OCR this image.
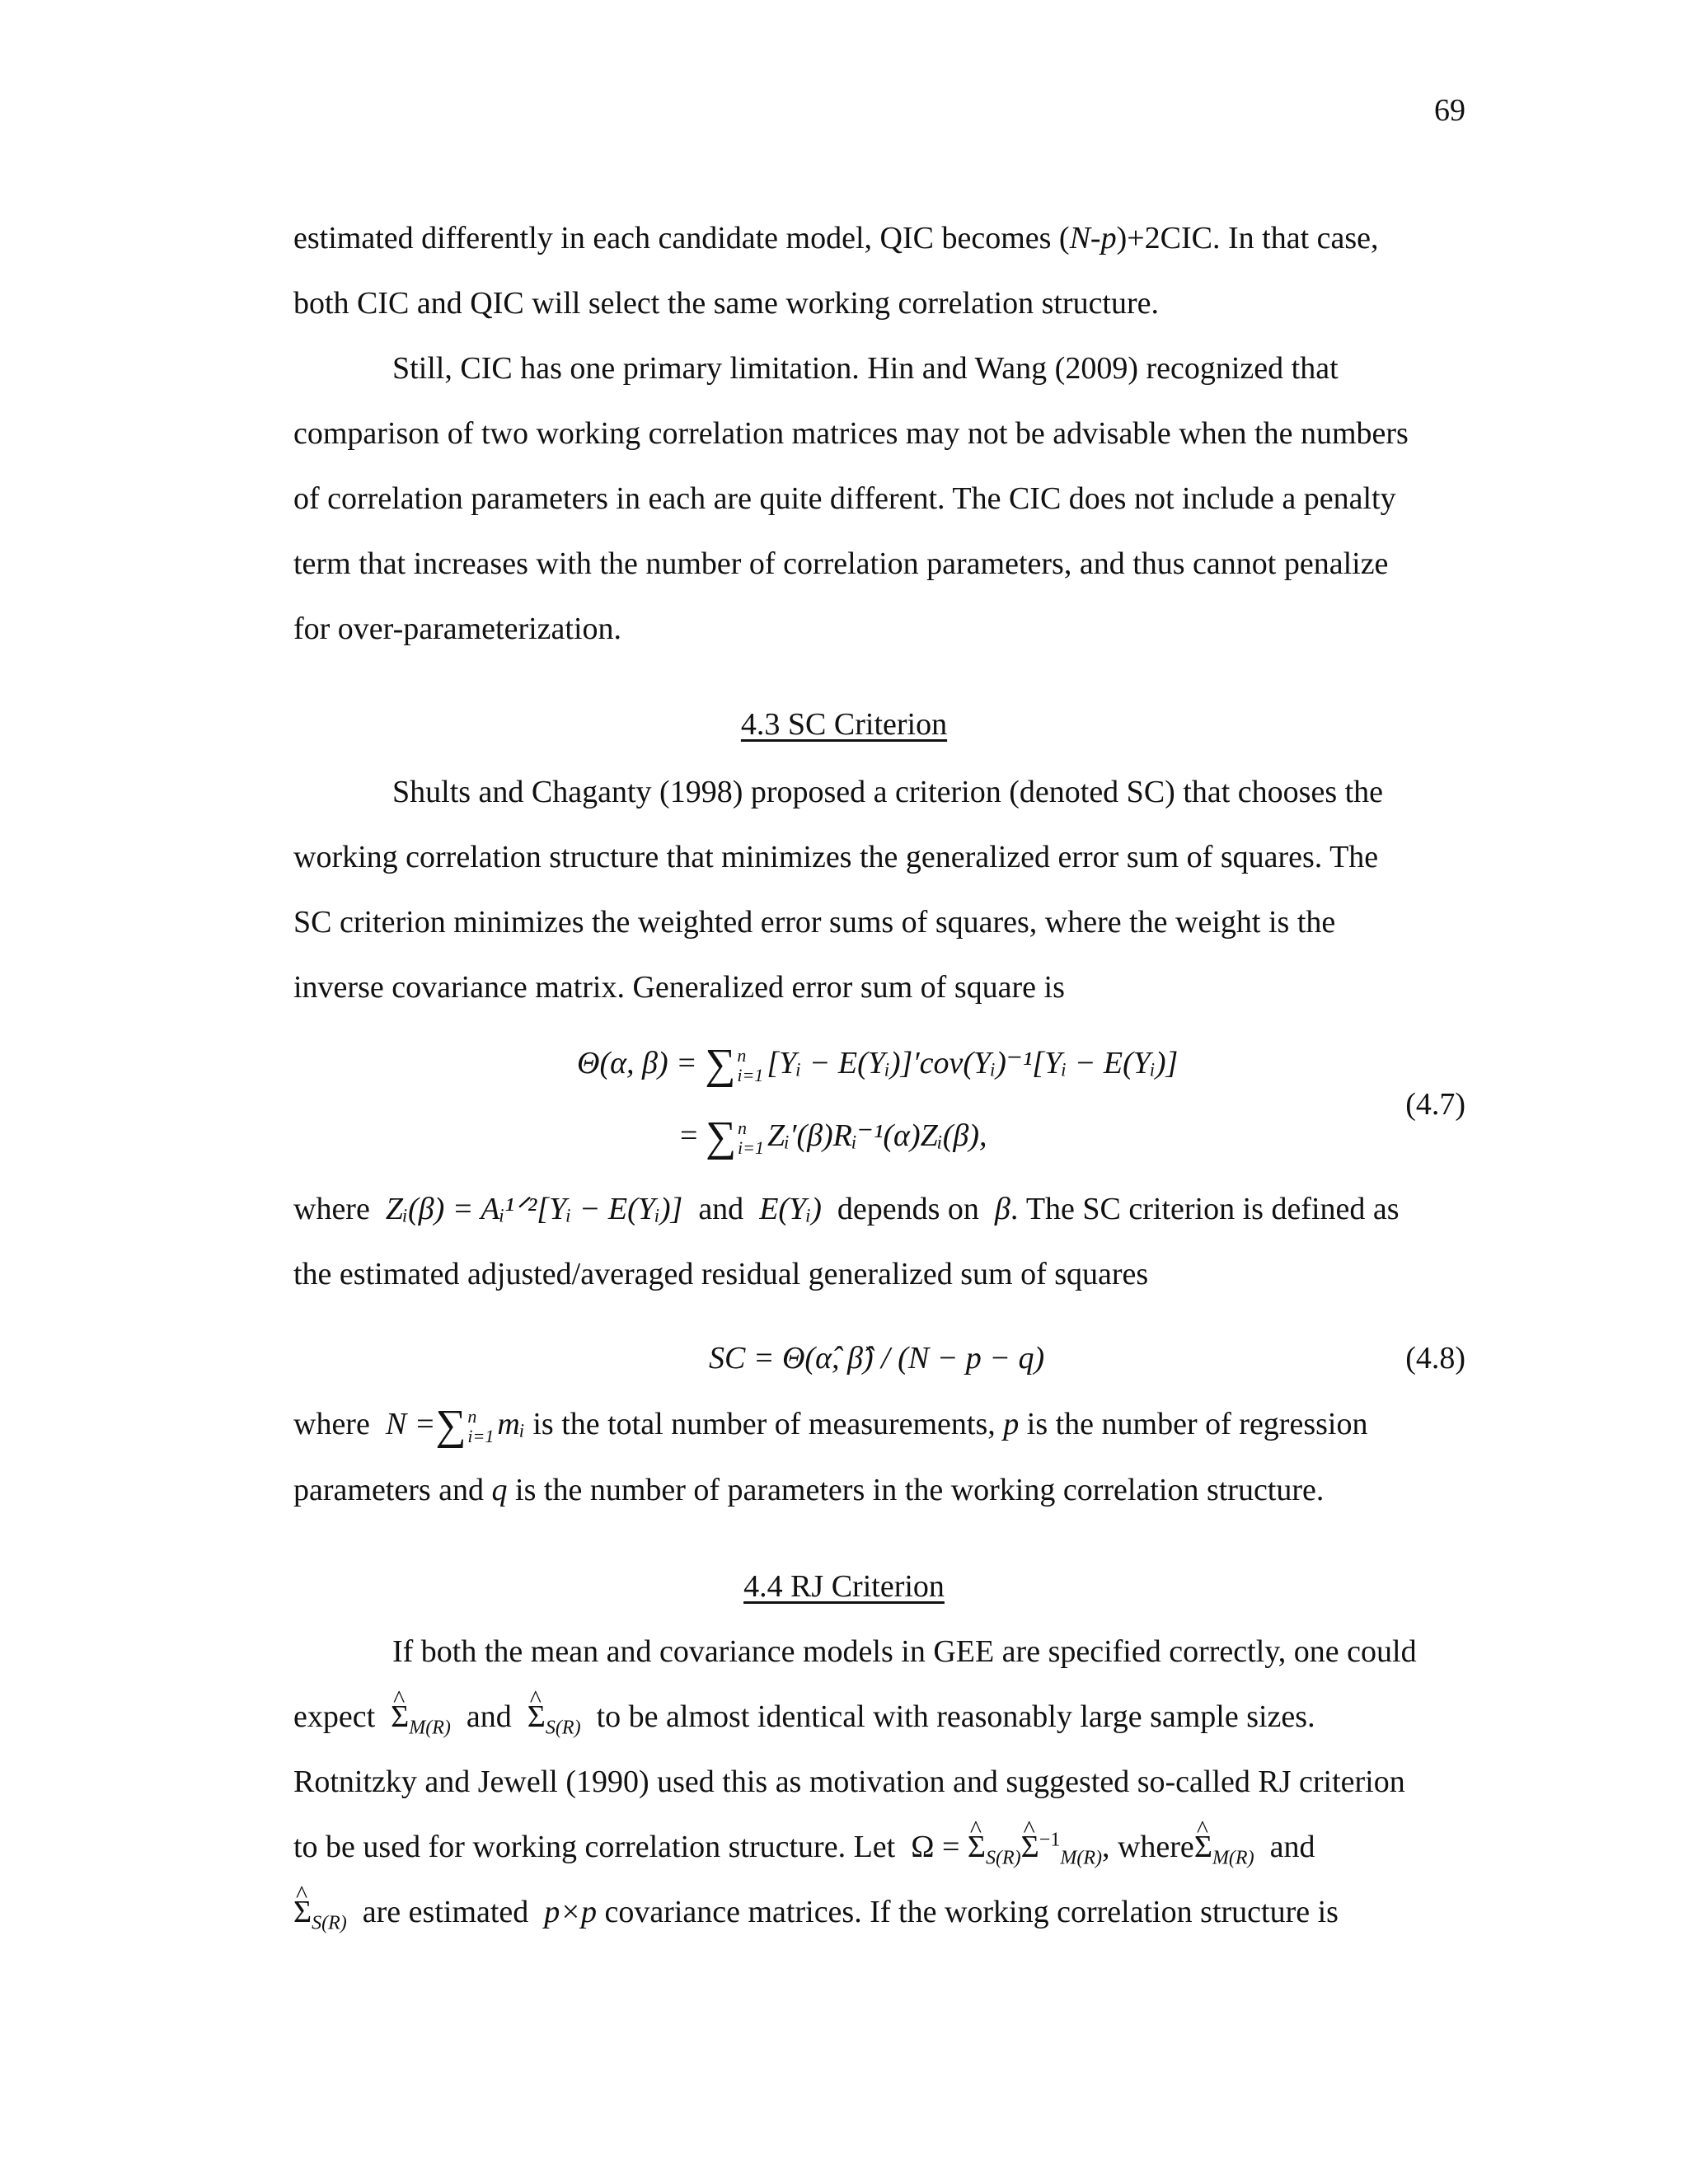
69
estimated differently in each candidate model, QIC becomes (N-p)+2CIC. In that case,
both CIC and QIC will select the same working correlation structure.
Still, CIC has one primary limitation. Hin and Wang (2009) recognized that
comparison of two working correlation matrices may not be advisable when the numbers
of correlation parameters in each are quite different. The CIC does not include a penalty
term that increases with the number of correlation parameters, and thus cannot penalize
for over-parameterization.
4.3 SC Criterion
Shults and Chaganty (1998) proposed a criterion (denoted SC) that chooses the
working correlation structure that minimizes the generalized error sum of squares. The
SC criterion minimizes the weighted error sums of squares, where the weight is the
inverse covariance matrix. Generalized error sum of square is
Θ(α, β) = ∑ n
i=1 [Yᵢ − E(Yᵢ)]′cov(Yᵢ)⁻¹[Yᵢ − E(Yᵢ)]
= ∑ n
i=1 Zᵢ′(β)Rᵢ⁻¹(α)Zᵢ(β),
(4.7)
where Zᵢ(β) = Aᵢ¹ᐟ²[Yᵢ − E(Yᵢ)] and E(Yᵢ) depends on β. The SC criterion is defined as
the estimated adjusted/averaged residual generalized sum of squares
SC = Θ(α̂, β̂) / (N − p − q)	(4.8)
where N =∑ n
i=1 mᵢ is the total number of measurements, p is the number of regression
parameters and q is the number of parameters in the working correlation structure.
4.4 RJ Criterion
If both the mean and covariance models in GEE are specified correctly, one could
expect ^ $\Sigma_{M(R)}$ and ^ $\Sigma_{S(R)}$ to be almost identical with reasonably large sample sizes.
Rotnitzky and Jewell (1990) used this as motivation and suggested so-called RJ criterion
to be used for working correlation structure. Let Ω = ^ $\Sigma_{S(R)}\^{}$ $\Sigma^{-1}_{M(R)}$, where^ $\Sigma_{M(R)}$ and
^ $\Sigma_{S(R)}$ are estimated p×p covariance matrices. If the working correlation structure is
